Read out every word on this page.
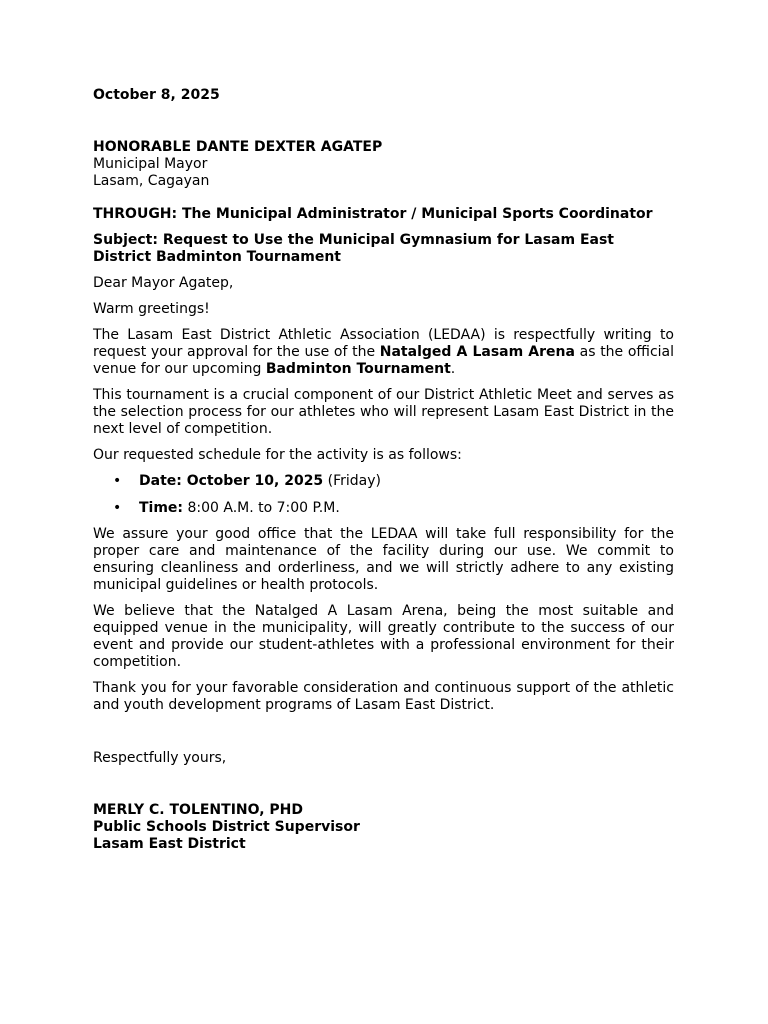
October 8, 2025

HONORABLE DANTE DEXTER AGATEP

Municipal Mayor

Lasam, Cagayan

THROUGH: The Municipal Administrator / Municipal Sports Coordinator

Subject: Request to Use the Municipal Gymnasium for Lasam East District Badminton Tournament

Dear Mayor Agatep,

Warm greetings!

The Lasam East District Athletic Association (LEDAA) is respectfully writing to request your approval for the use of the Natalged A Lasam Arena as the official venue for our upcoming Badminton Tournament.

This tournament is a crucial component of our District Athletic Meet and serves as the selection process for our athletes who will represent Lasam East District in the next level of competition.

Our requested schedule for the activity is as follows:

• Date: October 10, 2025 (Friday)
• Time: 8:00 A.M. to 7:00 P.M.

We assure your good office that the LEDAA will take full responsibility for the proper care and maintenance of the facility during our use. We commit to ensuring cleanliness and orderliness, and we will strictly adhere to any existing municipal guidelines or health protocols.

We believe that the Natalged A Lasam Arena, being the most suitable and equipped venue in the municipality, will greatly contribute to the success of our event and provide our student-athletes with a professional environment for their competition.

Thank you for your favorable consideration and continuous support of the athletic and youth development programs of Lasam East District.

Respectfully yours,

MERLY C. TOLENTINO, PHD

Public Schools District Supervisor

Lasam East District
